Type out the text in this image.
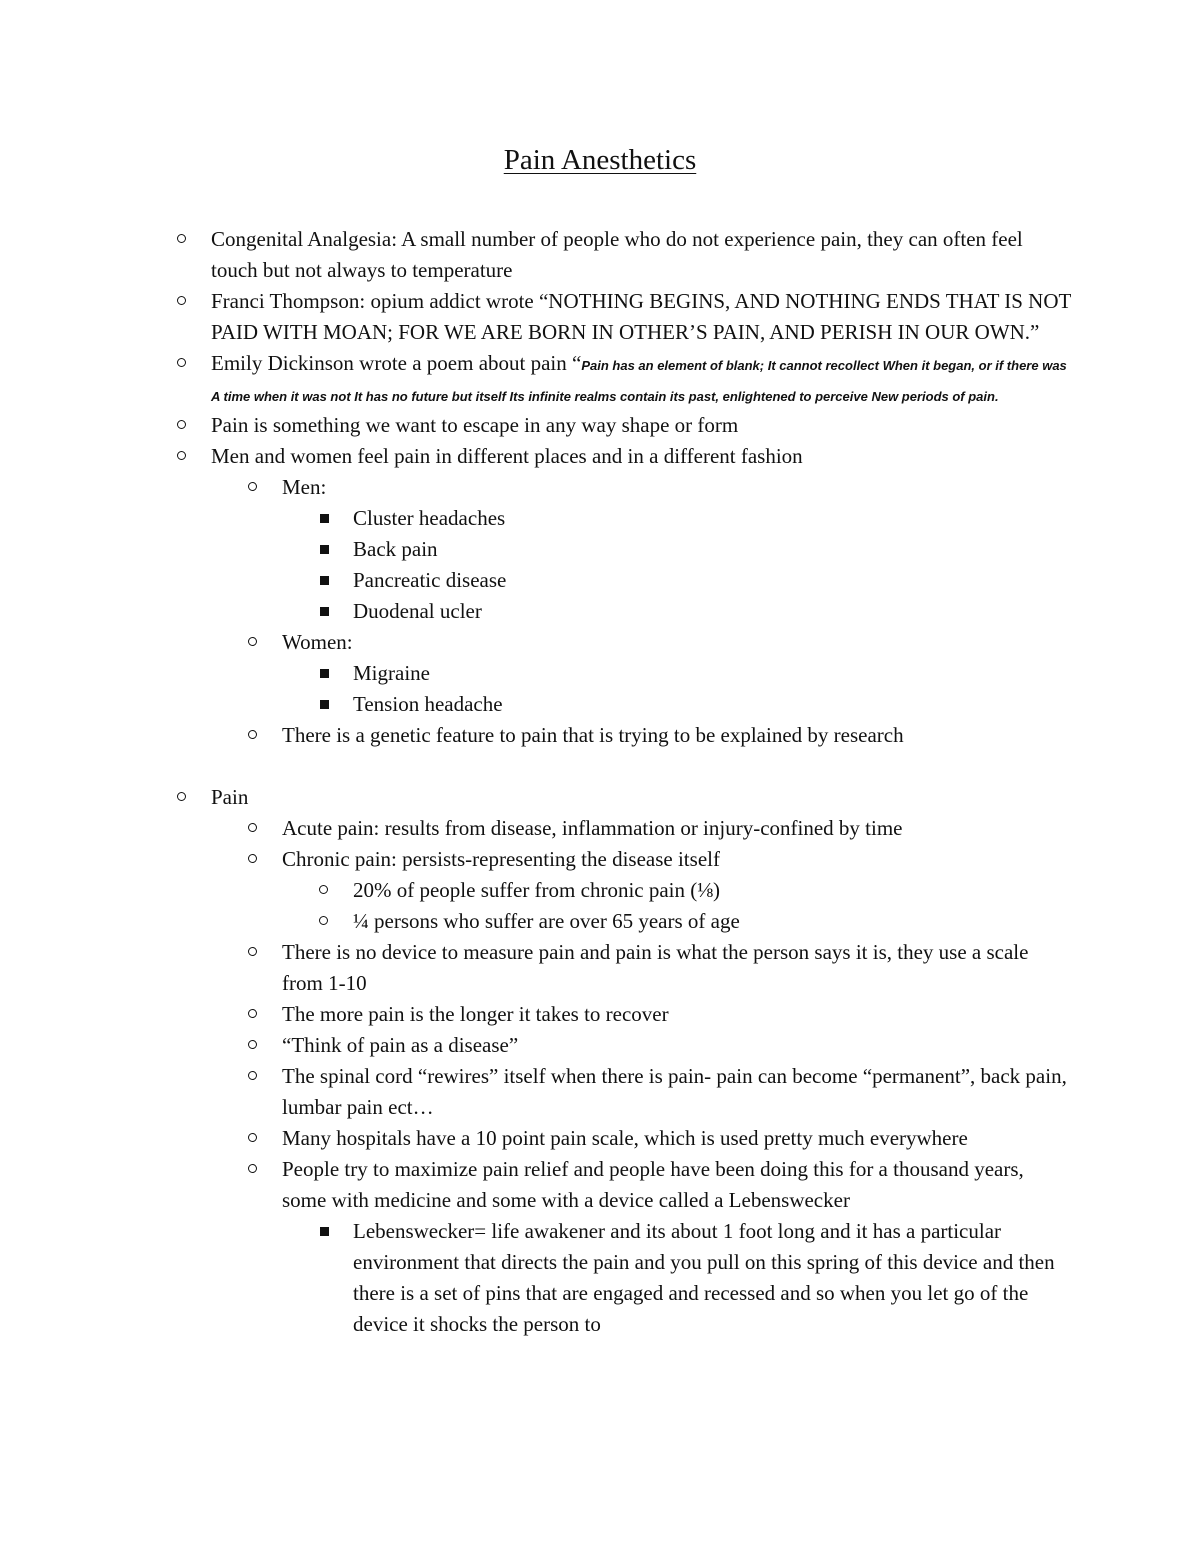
Pain Anesthetics
Congenital Analgesia: A small number of people who do not experience pain, they can often feel touch but not always to temperature
Franci Thompson: opium addict wrote “NOTHING BEGINS, AND NOTHING ENDS THAT IS NOT PAID WITH MOAN; FOR WE ARE BORN IN OTHER’S PAIN, AND PERISH IN OUR OWN.”
Emily Dickinson wrote a poem about pain “Pain has an element of blank; It cannot recollect When it began, or if there was A time when it was not It has no future but itself Its infinite realms contain its past, enlightened to perceive New periods of pain.
Pain is something we want to escape in any way shape or form
Men and women feel pain in different places and in a different fashion
Men:
Cluster headaches
Back pain
Pancreatic disease
Duodenal ucler
Women:
Migraine
Tension headache
There is a genetic feature to pain that is trying to be explained by research
Pain
Acute pain: results from disease, inflammation or injury-confined by time
Chronic pain: persists-representing the disease itself
20% of people suffer from chronic pain (⅛)
¼ persons who suffer are over 65 years of age
There is no device to measure pain and pain is what the person says it is, they use a scale from 1-10
The more pain is the longer it takes to recover
“Think of pain as a disease”
The spinal cord “rewires” itself when there is pain- pain can become “permanent”, back pain, lumbar pain ect…
Many hospitals have a 10 point pain scale, which is used pretty much everywhere
People try to maximize pain relief and people have been doing this for a thousand years, some with medicine and some with a device called a Lebenswecker
Lebenswecker= life awakener and its about 1 foot long and it has a particular environment that directs the pain and you pull on this spring of this device and then there is a set of pins that are engaged and recessed and so when you let go of the device it shocks the person to
